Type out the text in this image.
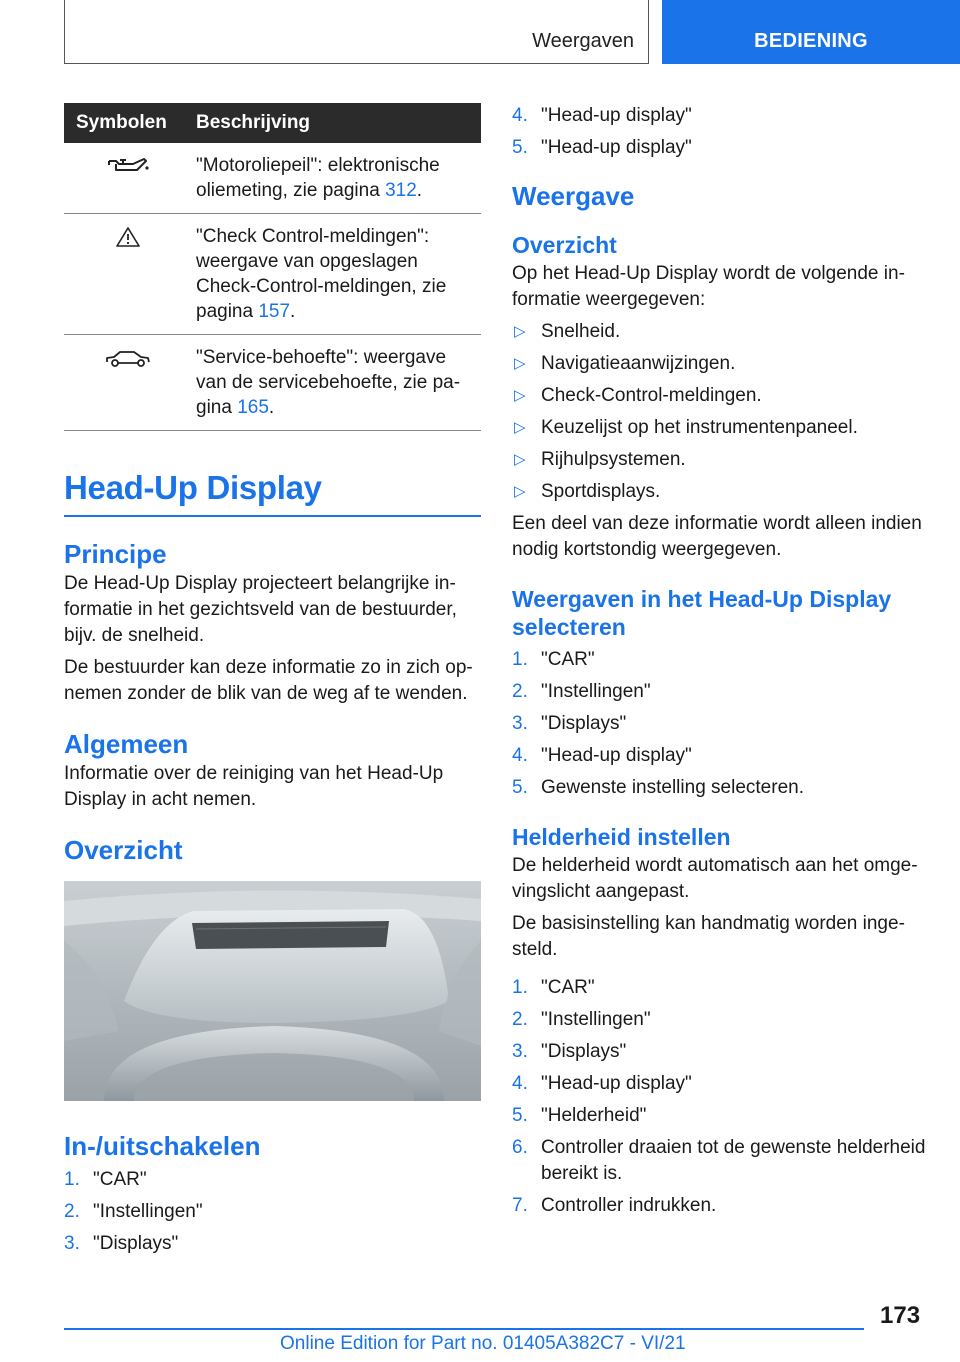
Weergaven	BEDIENING
Symbolen	Beschrijving
	"Motoroliepeil": elektronische oliemeting, zie pagina 312.
	"Check Control-meldingen": weergave van opgeslagen Check-Control-meldingen, zie pagina 157.
	"Service-behoefte": weergave van de servicebehoefte, zie pagina 165.
Head-Up Display
Principe

De Head-Up Display projecteert belangrijke informatie in het gezichtsveld van de bestuurder, bijv. de snelheid.

De bestuurder kan deze informatie zo in zich opnemen zonder de blik van de weg af te wenden.

Algemeen

Informatie over de reiniging van het Head-Up Display in acht nemen.

Overzicht
In-/uitschakelen
1. "CAR"
2. "Instellingen"
3. "Displays"
4. "Head-up display"
5. "Head-up display"
Weergave
Overzicht

Op het Head-Up Display wordt de volgende informatie weergegeven:

▷ Snelheid.
▷ Navigatieaanwijzingen.
▷ Check-Control-meldingen.
▷ Keuzelijst op het instrumentenpaneel.
▷ Rijhulpsystemen.
▷ Sportdisplays.

Een deel van deze informatie wordt alleen indien nodig kortstondig weergegeven.

Weergaven in het Head-Up Display selecteren
1. "CAR"
2. "Instellingen"
3. "Displays"
4. "Head-up display"
5. Gewenste instelling selecteren.
Helderheid instellen

De helderheid wordt automatisch aan het omgevingslicht aangepast.

De basisinstelling kan handmatig worden ingesteld.

1. "CAR"
2. "Instellingen"
3. "Displays"
4. "Head-up display"
5. "Helderheid"
6. Controller draaien tot de gewenste helderheid bereikt is.
7. Controller indrukken.
173
Online Edition for Part no. 01405A382C7 - VI/21
